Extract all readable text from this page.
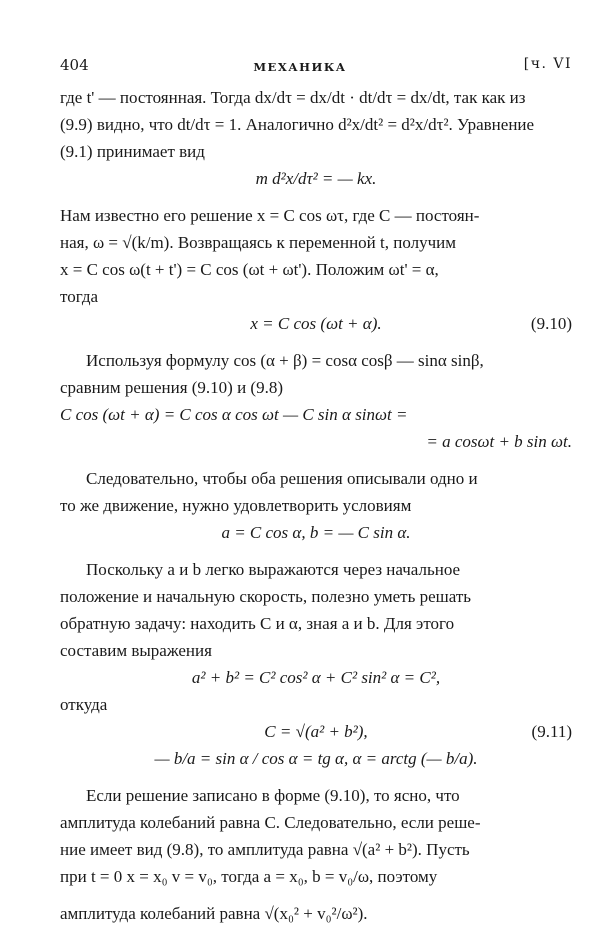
404	МЕХАНИКА	[ч. VI

где t' — постоянная. Тогда dx/dτ = dx/dt · dt/dτ = dx/dt, так как из

(9.9) видно, что dt/dτ = 1. Аналогично d²x/dt² = d²x/dτ². Уравнение

(9.1) принимает вид

m d²x/dτ² = — kx.

Нам известно его решение x = C cos ωτ, где C — постоян-

ная, ω = √(k/m). Возвращаясь к переменной t, получим

x = C cos ω(t + t') = C cos (ωt + ωt'). Положим ωt' = α,

тогда

x = C cos (ωt + α).	(9.10)

Используя формулу cos (α + β) = cosα cosβ — sinα sinβ,

сравним решения (9.10) и (9.8)

C cos (ωt + α) = C cos α cos ωt — C sin α sinωt =

= a cosωt + b sin ωt.

Следовательно, чтобы оба решения описывали одно и

то же движение, нужно удовлетворить условиям

a = C cos α, b = — C sin α.

Поскольку a и b легко выражаются через начальное

положение и начальную скорость, полезно уметь решать

обратную задачу: находить C и α, зная a и b. Для этого

составим выражения

a² + b² = C² cos² α + C² sin² α = C²,

откуда

C = √(a² + b²),	(9.11)

— b/a = sin α / cos α = tg α, α = arctg (— b/a).

Если решение записано в форме (9.10), то ясно, что

амплитуда колебаний равна C. Следовательно, если реше-

ние имеет вид (9.8), то амплитуда равна √(a² + b²). Пусть

при t = 0 x = x₀ v = v₀, тогда a = x₀, b = v₀/ω, поэтому

амплитуда колебаний равна √(x₀² + v₀²/ω²).
